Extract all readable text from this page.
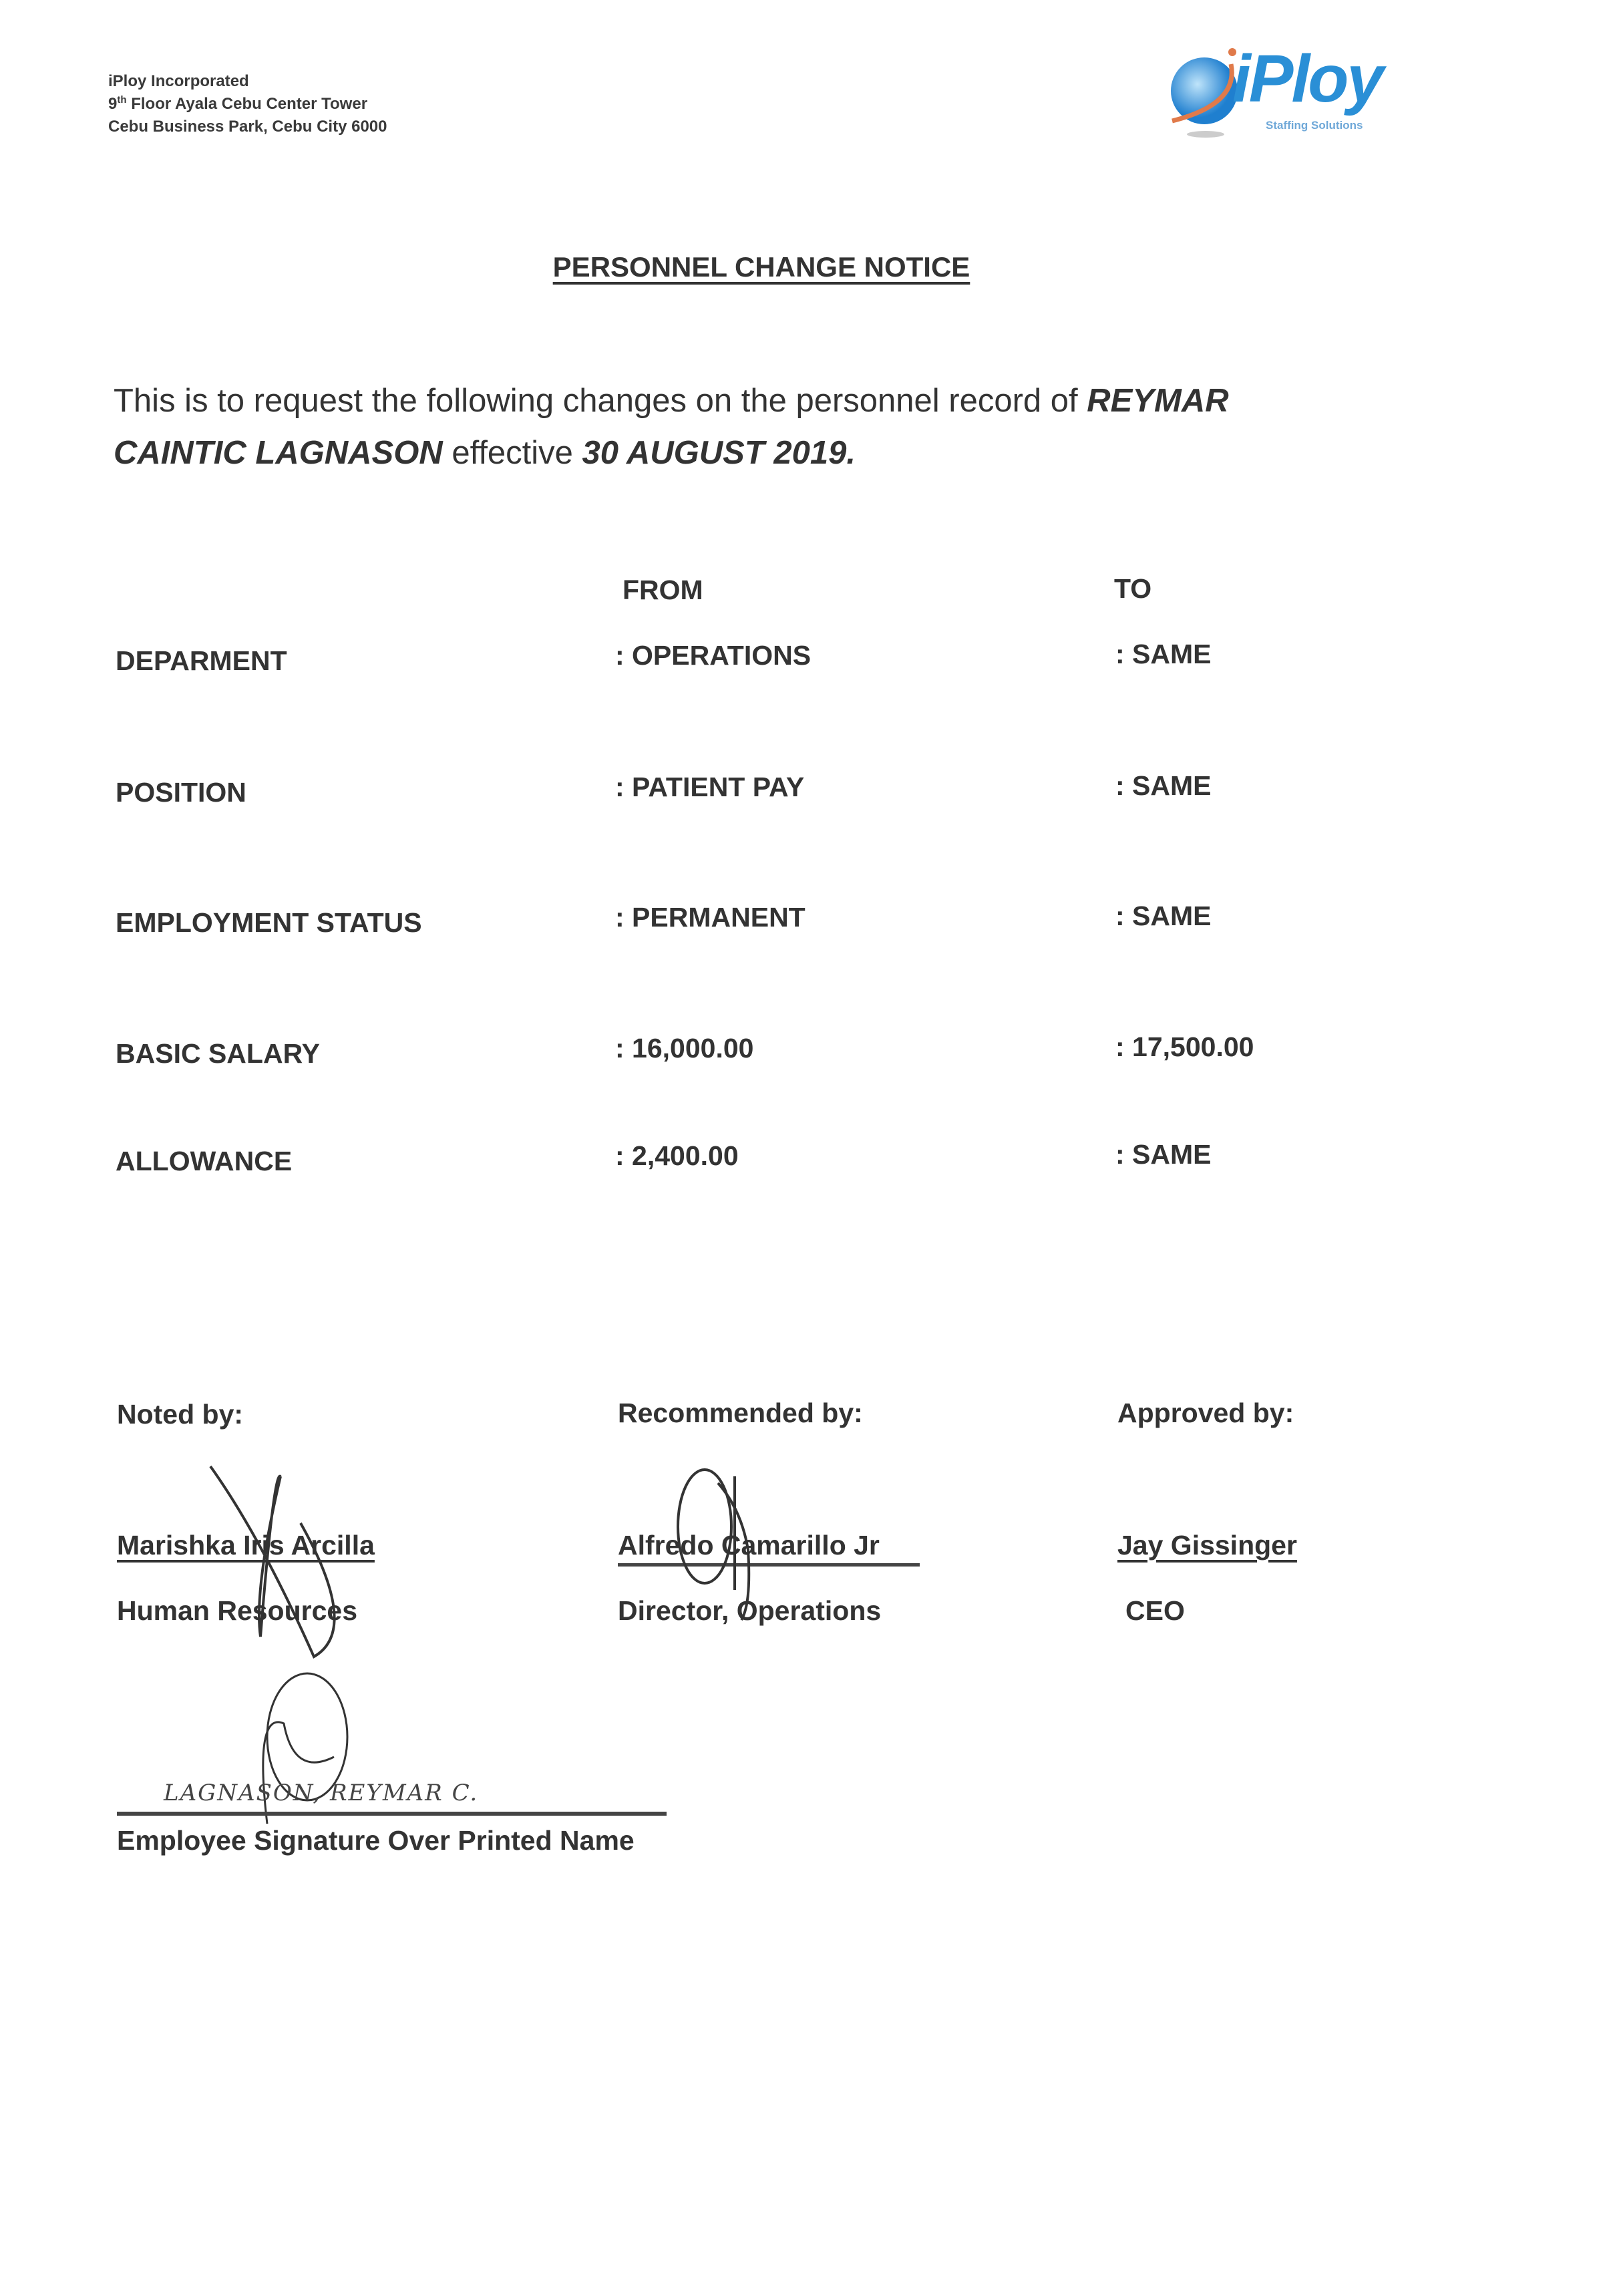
iPloy Incorporated
9th Floor Ayala Cebu Center Tower
Cebu Business Park, Cebu City 6000
iPloy
Staffing Solutions
PERSONNEL CHANGE NOTICE
This is to request the following changes on the personnel record of REYMAR
CAINTIC LAGNASON effective 30 AUGUST 2019.
FROM	TO
DEPARMENT	: OPERATIONS	: SAME
POSITION	: PATIENT PAY	: SAME
EMPLOYMENT STATUS	: PERMANENT	: SAME
BASIC SALARY	: 16,000.00	: 17,500.00
ALLOWANCE	: 2,400.00	: SAME
Noted by:
Marishka Iris Arcilla
Human Resources
Recommended by:
Alfredo Camarillo Jr
Director, Operations
Approved by:
Jay Gissinger
CEO
LAGNASON, REYMAR C.
Employee Signature Over Printed Name
